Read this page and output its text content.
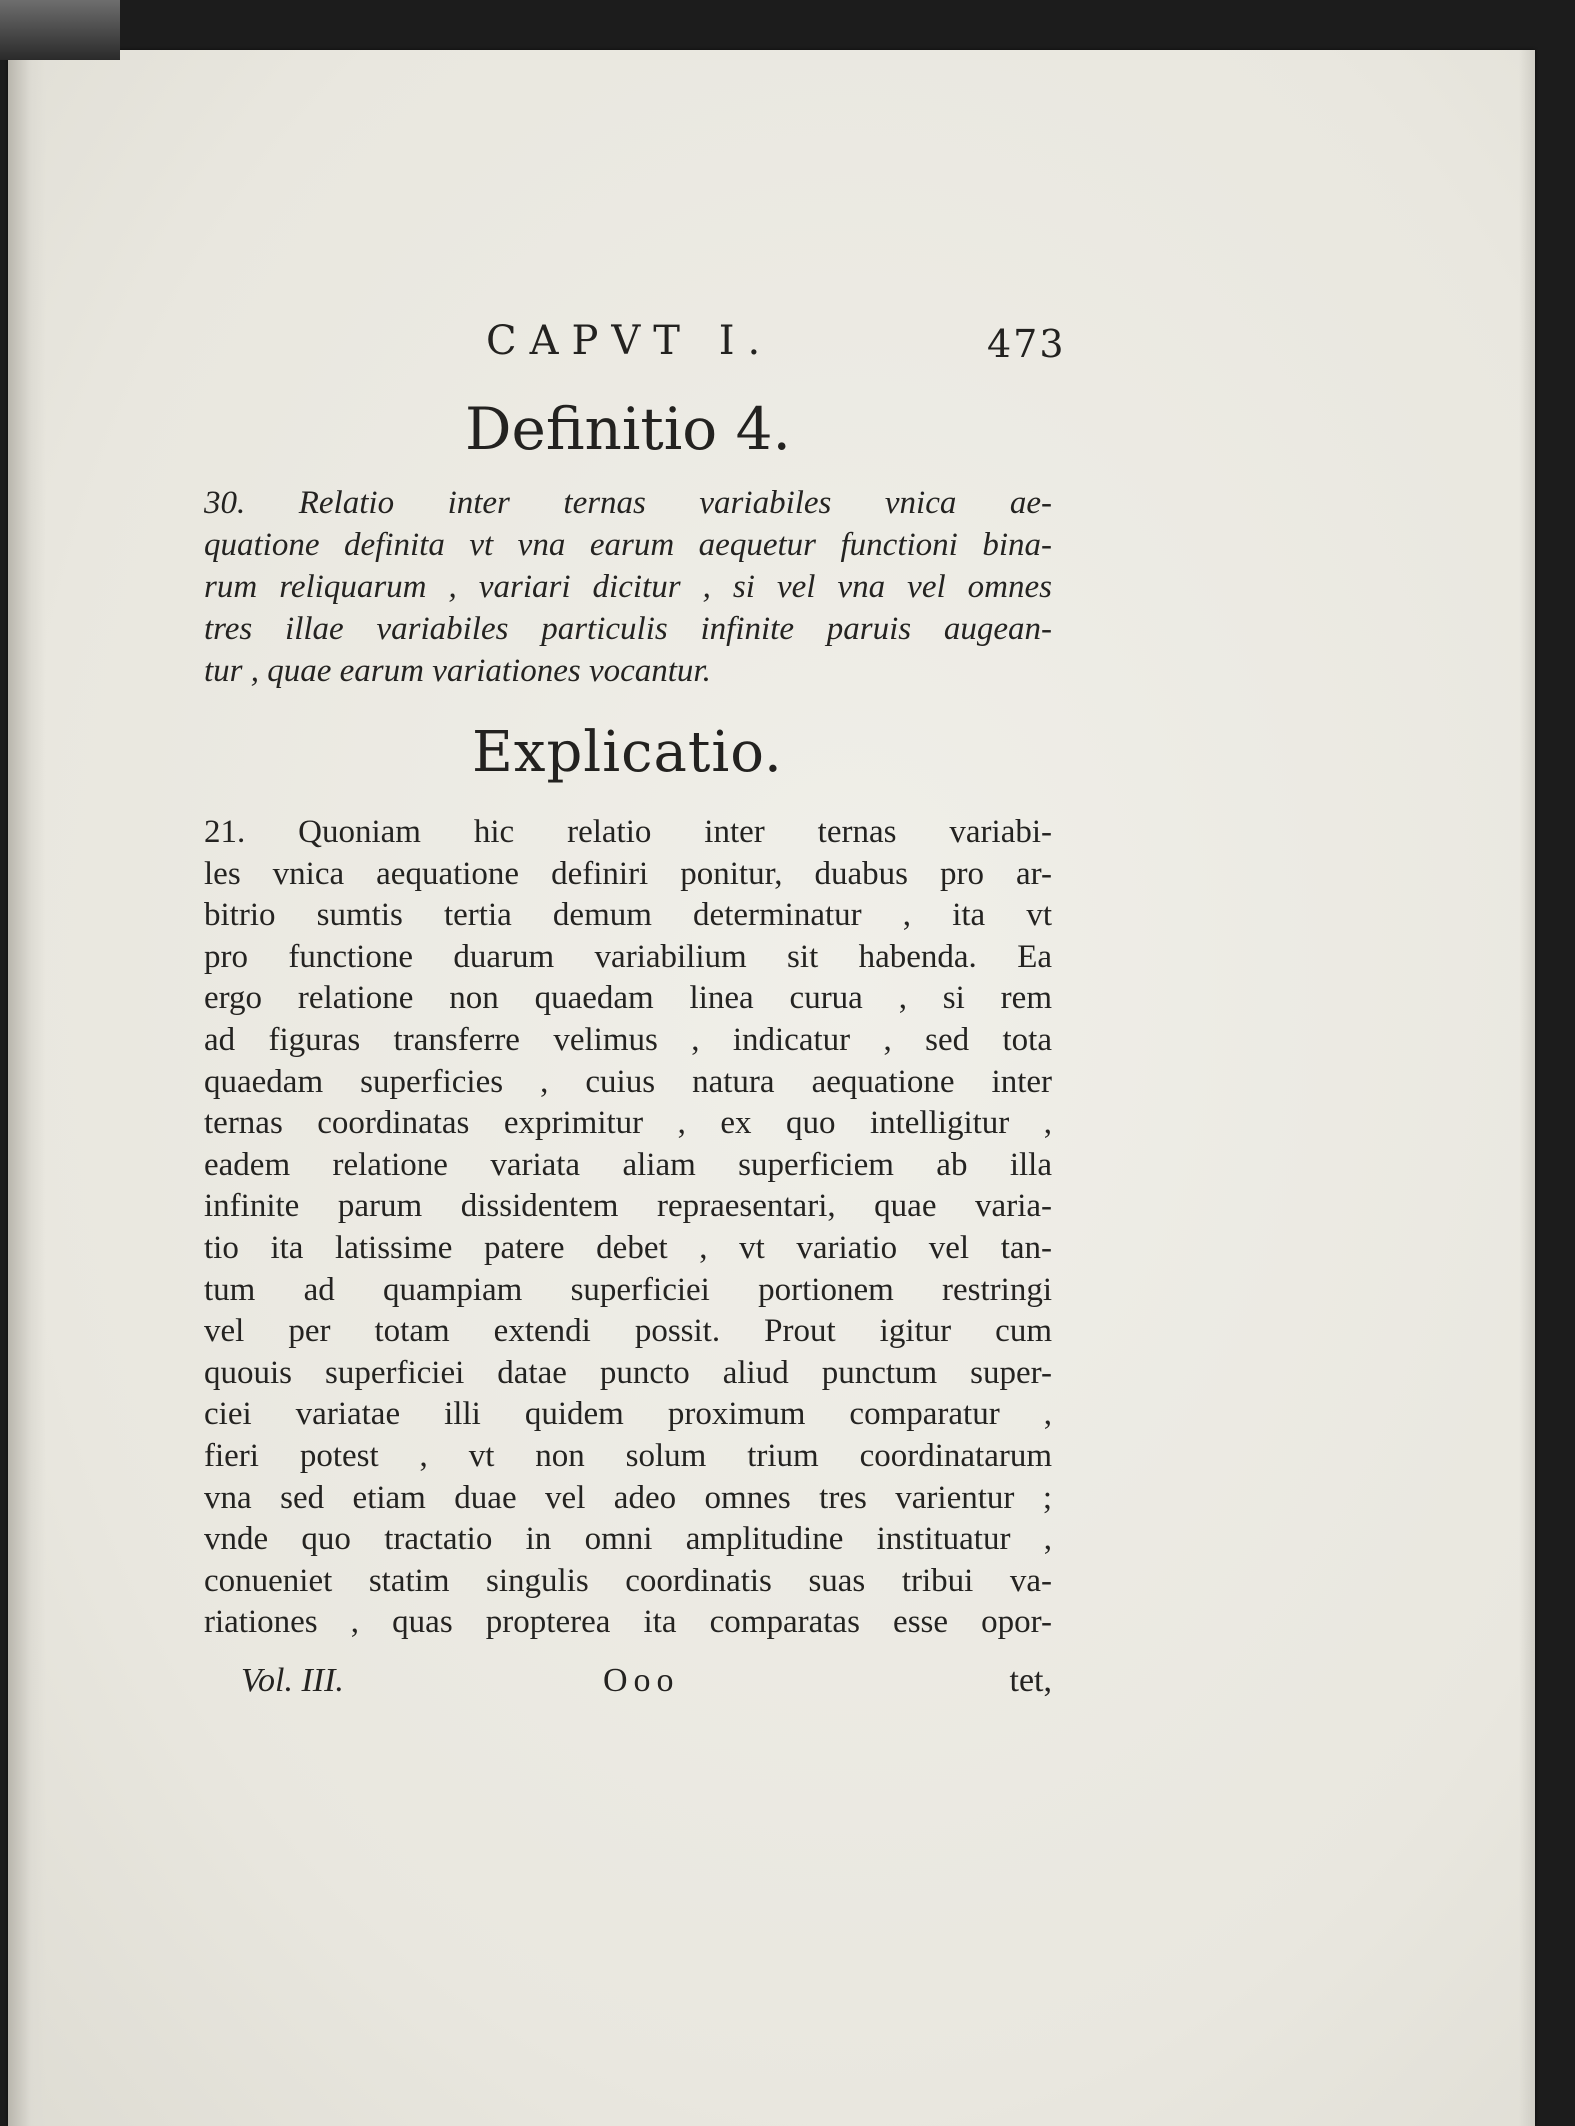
CAPVT I.	473
Definitio 4.
30. Relatio inter ternas variabiles vnica ae-
quatione definita vt vna earum aequetur functioni bina-
rum reliquarum , variari dicitur , si vel vna vel omnes
tres illae variabiles particulis infinite paruis augean-
tur , quae earum variationes vocantur.
Explicatio.
21. Quoniam hic relatio inter ternas variabi-
les vnica aequatione definiri ponitur, duabus pro ar-
bitrio sumtis tertia demum determinatur , ita vt
pro functione duarum variabilium sit habenda. Ea
ergo relatione non quaedam linea curua , si rem
ad figuras transferre velimus , indicatur , sed tota
quaedam superficies , cuius natura aequatione inter
ternas coordinatas exprimitur , ex quo intelligitur ,
eadem relatione variata aliam superficiem ab illa
infinite parum dissidentem repraesentari, quae varia-
tio ita latissime patere debet , vt variatio vel tan-
tum ad quampiam superficiei portionem restringi
vel per totam extendi possit. Prout igitur cum
quouis superficiei datae puncto aliud punctum super-
ciei variatae illi quidem proximum comparatur ,
fieri potest , vt non solum trium coordinatarum
vna sed etiam duae vel adeo omnes tres varientur ;
vnde quo tractatio in omni amplitudine instituatur ,
conueniet statim singulis coordinatis suas tribui va-
riationes , quas propterea ita comparatas esse opor-
Vol. III.	Ooo	tet,
